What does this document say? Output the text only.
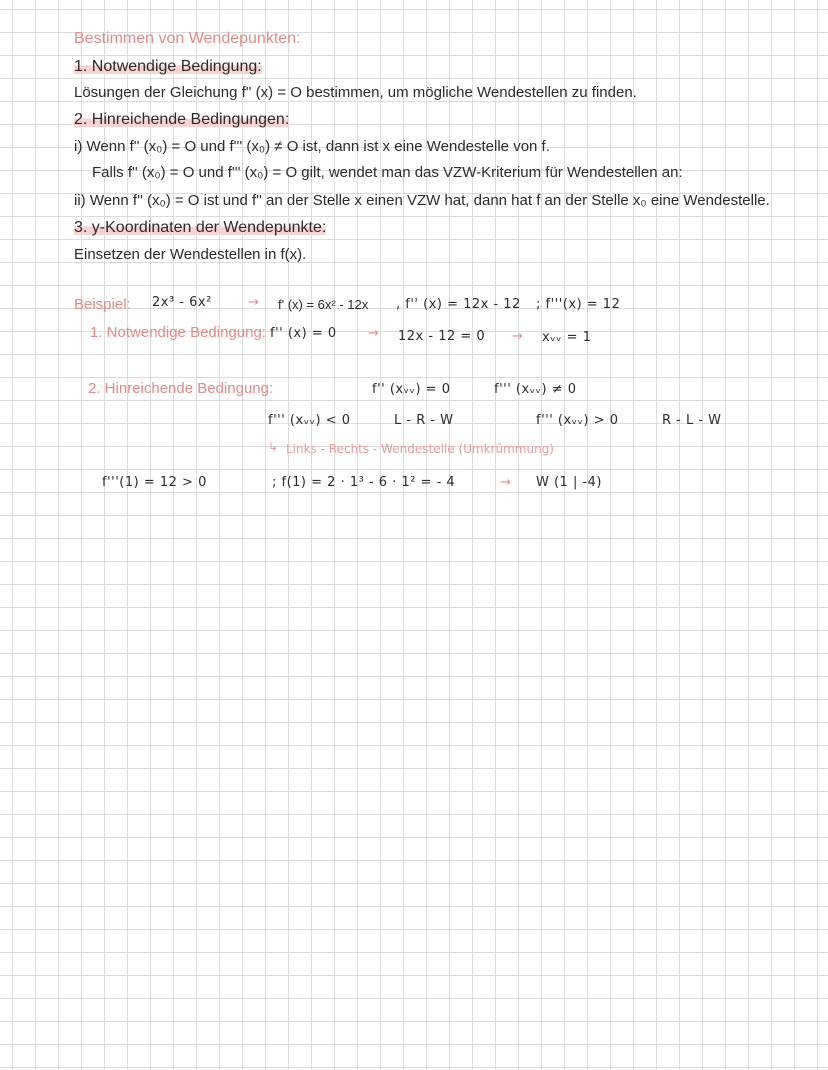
Bestimmen von Wendepunkten:
1. Notwendige Bedingung:
Lösungen der Gleichung f'' (x) = O bestimmen, um mögliche Wendestellen zu finden.
2. Hinreichende Bedingungen:
i) Wenn f'' (x₀) = O und f''' (x₀) ≠ O ist, dann ist x eine Wendestelle von f.
Falls f'' (x₀) = O und f''' (x₀) = O gilt, wendet man das VZW-Kriterium für Wendestellen an:
ii) Wenn f'' (x₀) = O ist und f'' an der Stelle x einen VZW hat, dann hat f an der Stelle x₀ eine Wendestelle.
3. y-Koordinaten der Wendepunkte:
Einsetzen der Wendestellen in f(x).
Beispiel: 2x³ - 6x²	→ f' (x) = 6x² - 12x , f'' (x) = 12x - 12 ; f'''(x) = 12
1. Notwendige Bedingung: f'' (x) = 0 → 12x - 12 = 0 → xᵥᵥ = 1
2. Hinreichende Bedingung:	f'' (xᵥᵥ) = 0	f''' (xᵥᵥ) ≠ 0
f''' (xᵥᵥ) < 0	L - R - W	f''' (xᵥᵥ) > 0	R - L - W
↳ Links - Rechts - Wendestelle (Umkrümmung)
f'''(1) = 12 > 0	; f(1) = 2 · 1³ - 6 · 1² = - 4	→ W (1 | -4)
